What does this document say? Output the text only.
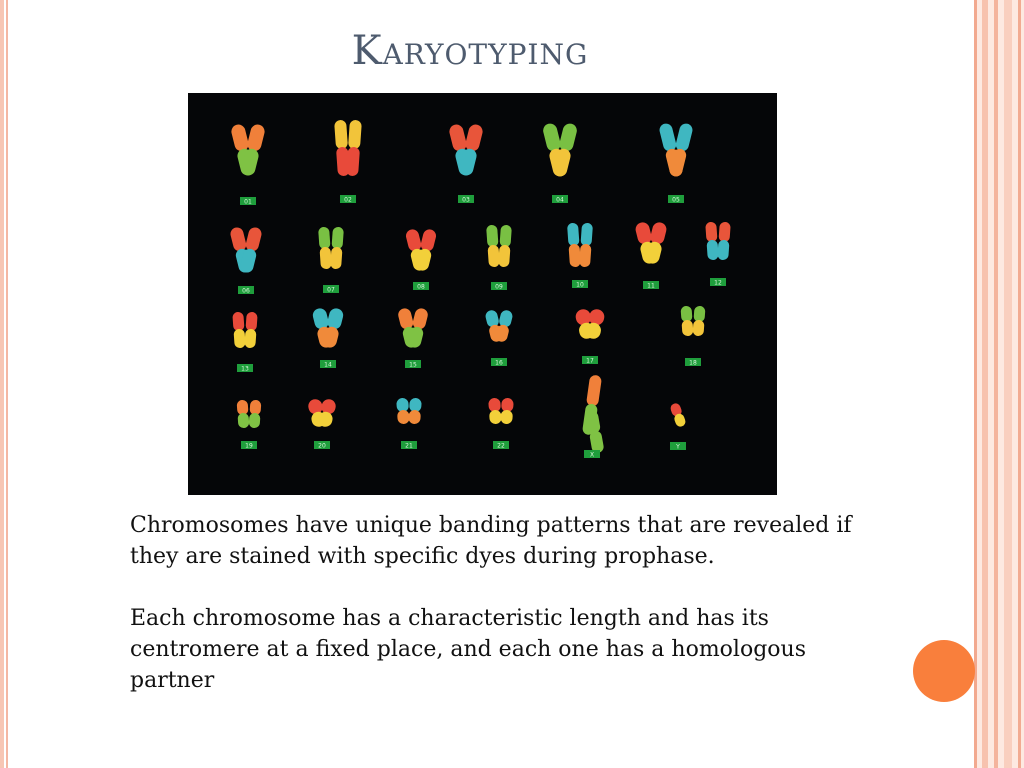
Karyotyping
01	02	03	04	05
06	07	08	09	10	11	12
13
14	15	16	17	18
19	20	21	22
X
Y

Chromosomes have unique banding patterns that are revealed if they are stained with specific dyes during prophase.

Each chromosome has a characteristic length and has its centromere at a fixed place, and each one has a homologous partner
